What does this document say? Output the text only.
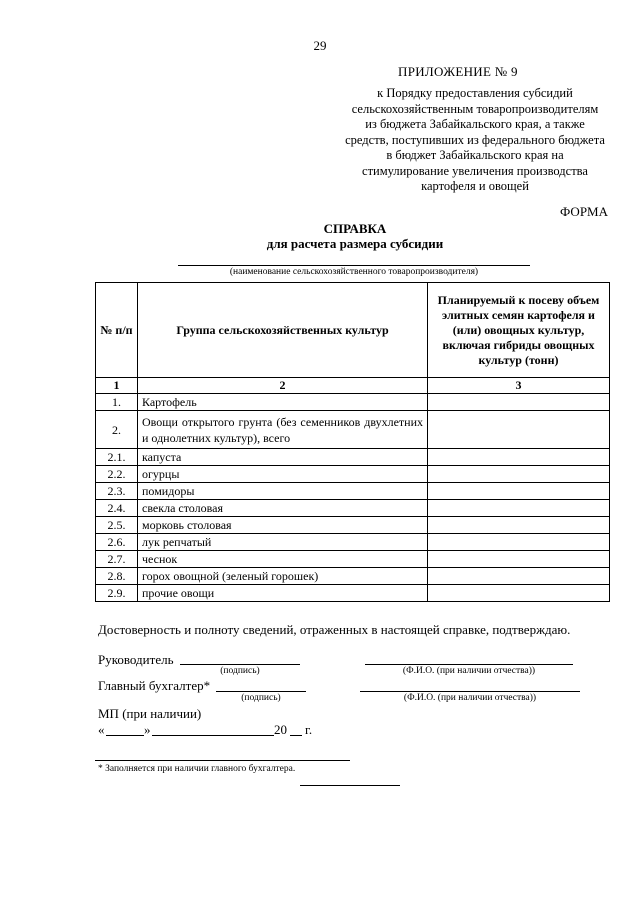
29
ПРИЛОЖЕНИЕ № 9
к Порядку предоставления субсидий
сельскохозяйственным товаропроизводителям
из бюджета Забайкальского края, а также
средств, поступивших из федерального бюджета
в бюджет Забайкальского края на
стимулирование увеличения производства
картофеля и овощей
ФОРМА
СПРАВКА
для расчета размера субсидии
(наименование сельскохозяйственного товаропроизводителя)
№ п/п	Группа сельскохозяйственных культур	Планируемый к посеву объем элитных семян картофеля и (или) овощных культур, включая гибриды овощных культур (тонн)
1	2	3
1.	Картофель	
2.	Овощи открытого грунта (без семенников двухлетних и однолетних культур), всего	
2.1.	капуста	
2.2.	огурцы	
2.3.	помидоры	
2.4.	свекла столовая	
2.5.	морковь столовая	
2.6.	лук репчатый	
2.7.	чеснок	
2.8.	горох овощной (зеленый горошек)	
2.9.	прочие овощи	
Достоверность и полноту сведений, отраженных в настоящей справке, подтверждаю.
Руководитель
(подпись)	(Ф.И.О. (при наличии отчества))
Главный бухгалтер*
(подпись)	(Ф.И.О. (при наличии отчества))
МП (при наличии)
«	»	20 г.
* Заполняется при наличии главного бухгалтера.
